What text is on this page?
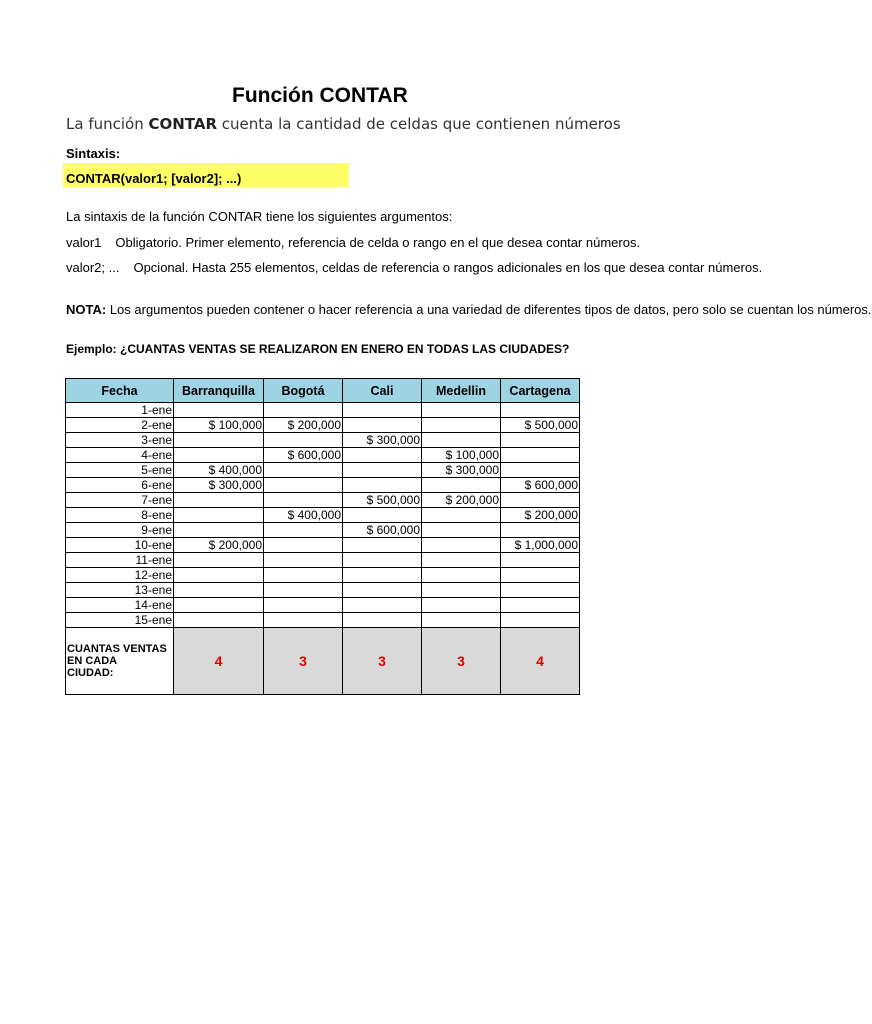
Función CONTAR
La función CONTAR cuenta la cantidad de celdas que contienen números
Sintaxis:
CONTAR(valor1; [valor2]; ...)
La sintaxis de la función CONTAR tiene los siguientes argumentos:
valor1 Obligatorio. Primer elemento, referencia de celda o rango en el que desea contar números.
valor2; ... Opcional. Hasta 255 elementos, celdas de referencia o rangos adicionales en los que desea contar números.
NOTA: Los argumentos pueden contener o hacer referencia a una variedad de diferentes tipos de datos, pero solo se cuentan los números.
Ejemplo: ¿CUANTAS VENTAS SE REALIZARON EN ENERO EN TODAS LAS CIUDADES?
Fecha	Barranquilla	Bogotá	Cali	Medellin	Cartagena
1-ene					
2-ene	$ 100,000	$ 200,000			$ 500,000
3-ene			$ 300,000		
4-ene		$ 600,000		$ 100,000	
5-ene	$ 400,000			$ 300,000	
6-ene	$ 300,000				$ 600,000
7-ene			$ 500,000	$ 200,000	
8-ene		$ 400,000			$ 200,000
9-ene			$ 600,000		
10-ene	$ 200,000				$ 1,000,000
11-ene					
12-ene					
13-ene					
14-ene					
15-ene					
CUANTAS VENTAS
EN CADA
CIUDAD:	4	3	3	3	4
